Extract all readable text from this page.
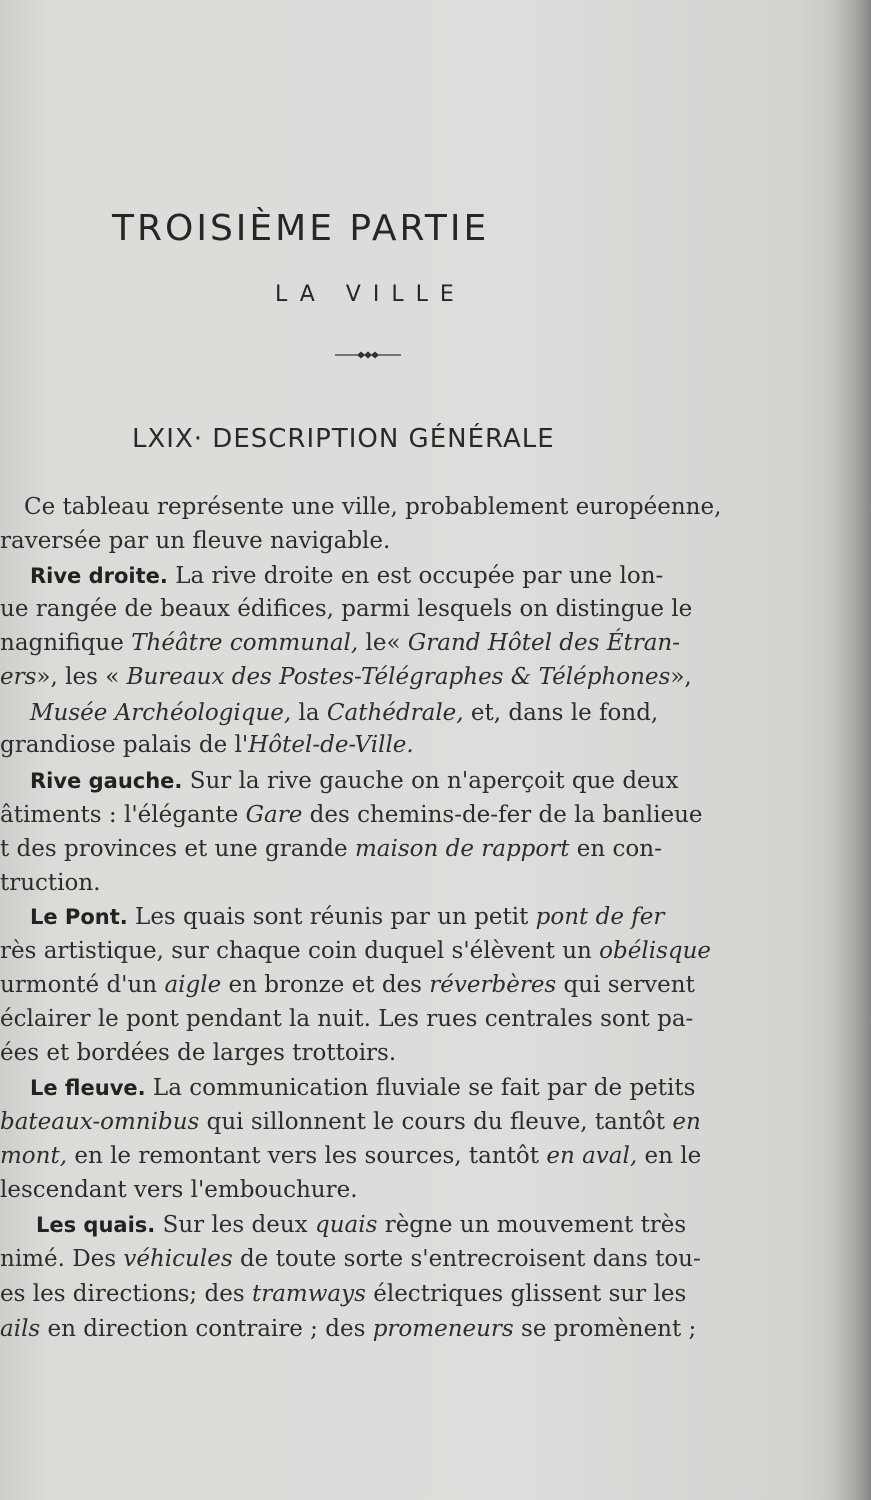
TROISIÈME PARTIE
LA VILLE
LXIX· DESCRIPTION GÉNÉRALE
Ce tableau représente une ville, probablement européenne,
raversée par un fleuve navigable.
Rive droite. La rive droite en est occupée par une lon-
ue rangée de beaux édifices, parmi lesquels on distingue le
nagnifique Théâtre communal, le« Grand Hôtel des Étran-
ers», les « Bureaux des Postes-Télégraphes & Téléphones»,
Musée Archéologique, la Cathédrale, et, dans le fond,
grandiose palais de l'Hôtel-de-Ville.
Rive gauche. Sur la rive gauche on n'aperçoit que deux
âtiments : l'élégante Gare des chemins-de-fer de la banlieue
t des provinces et une grande maison de rapport en con-
truction.
Le Pont. Les quais sont réunis par un petit pont de fer
rès artistique, sur chaque coin duquel s'élèvent un obélisque
urmonté d'un aigle en bronze et des réverbères qui servent
éclairer le pont pendant la nuit. Les rues centrales sont pa-
ées et bordées de larges trottoirs.
Le fleuve. La communication fluviale se fait par de petits
bateaux-omnibus qui sillonnent le cours du fleuve, tantôt en
mont, en le remontant vers les sources, tantôt en aval, en le
lescendant vers l'embouchure.
Les quais. Sur les deux quais règne un mouvement très
nimé. Des véhicules de toute sorte s'entrecroisent dans tou-
es les directions; des tramways électriques glissent sur les
ails en direction contraire ; des promeneurs se promènent ;
